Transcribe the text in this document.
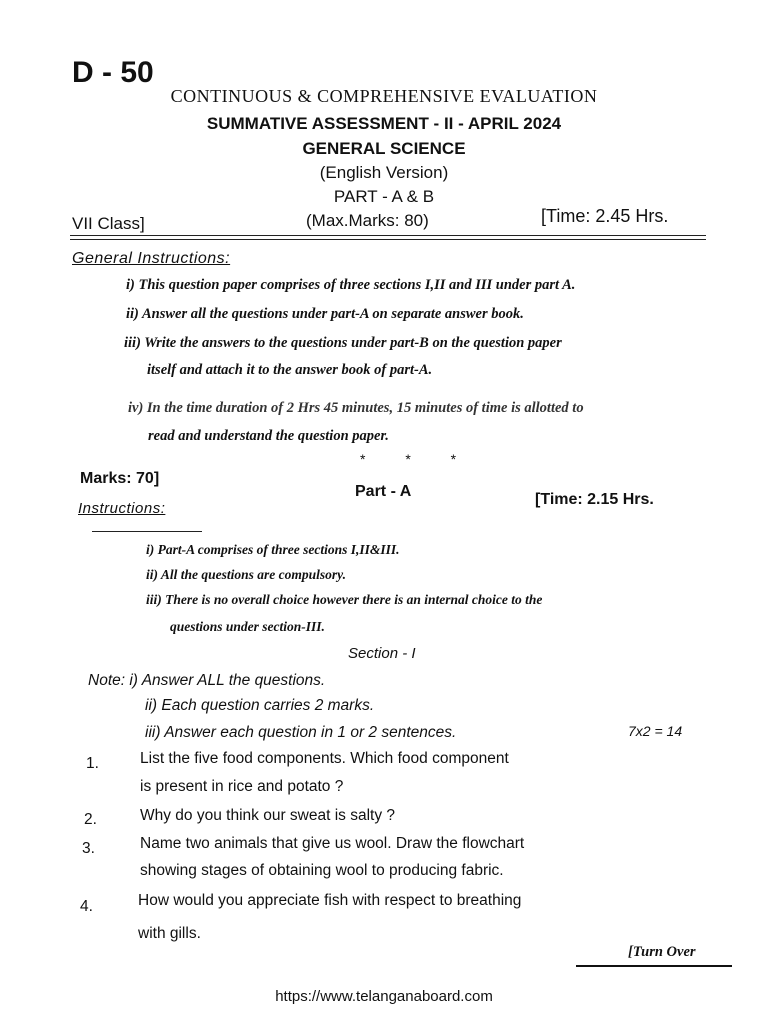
D - 50
CONTINUOUS & COMPREHENSIVE EVALUATION
SUMMATIVE ASSESSMENT - II - APRIL 2024
GENERAL SCIENCE
(English Version)
PART - A & B
VII Class]	(Max.Marks: 80)	[Time: 2.45 Hrs.
General Instructions:
i) This question paper comprises of three sections I,II and III under part A.
ii) Answer all the questions under part-A on separate answer book.
iii) Write the answers to the questions under part-B on the question paper
itself and attach it to the answer book of part-A.
iv) In the time duration of 2 Hrs 45 minutes, 15 minutes of time is allotted to
read and understand the question paper.
* * *
Marks: 70]
Part - A	[Time: 2.15 Hrs.
Instructions:
i) Part-A comprises of three sections I,II&III.
ii) All the questions are compulsory.
iii) There is no overall choice however there is an internal choice to the
questions under section-III.
Section - I
Note: i) Answer ALL the questions.
ii) Each question carries 2 marks.
iii) Answer each question in 1 or 2 sentences.	7x2 = 14
1.	List the five food components. Which food component
is present in rice and potato ?
2.	Why do you think our sweat is salty ?
3.	Name two animals that give us wool. Draw the flowchart
showing stages of obtaining wool to producing fabric.
4.	How would you appreciate fish with respect to breathing
with gills.
[Turn Over
https://www.telanganaboard.com
